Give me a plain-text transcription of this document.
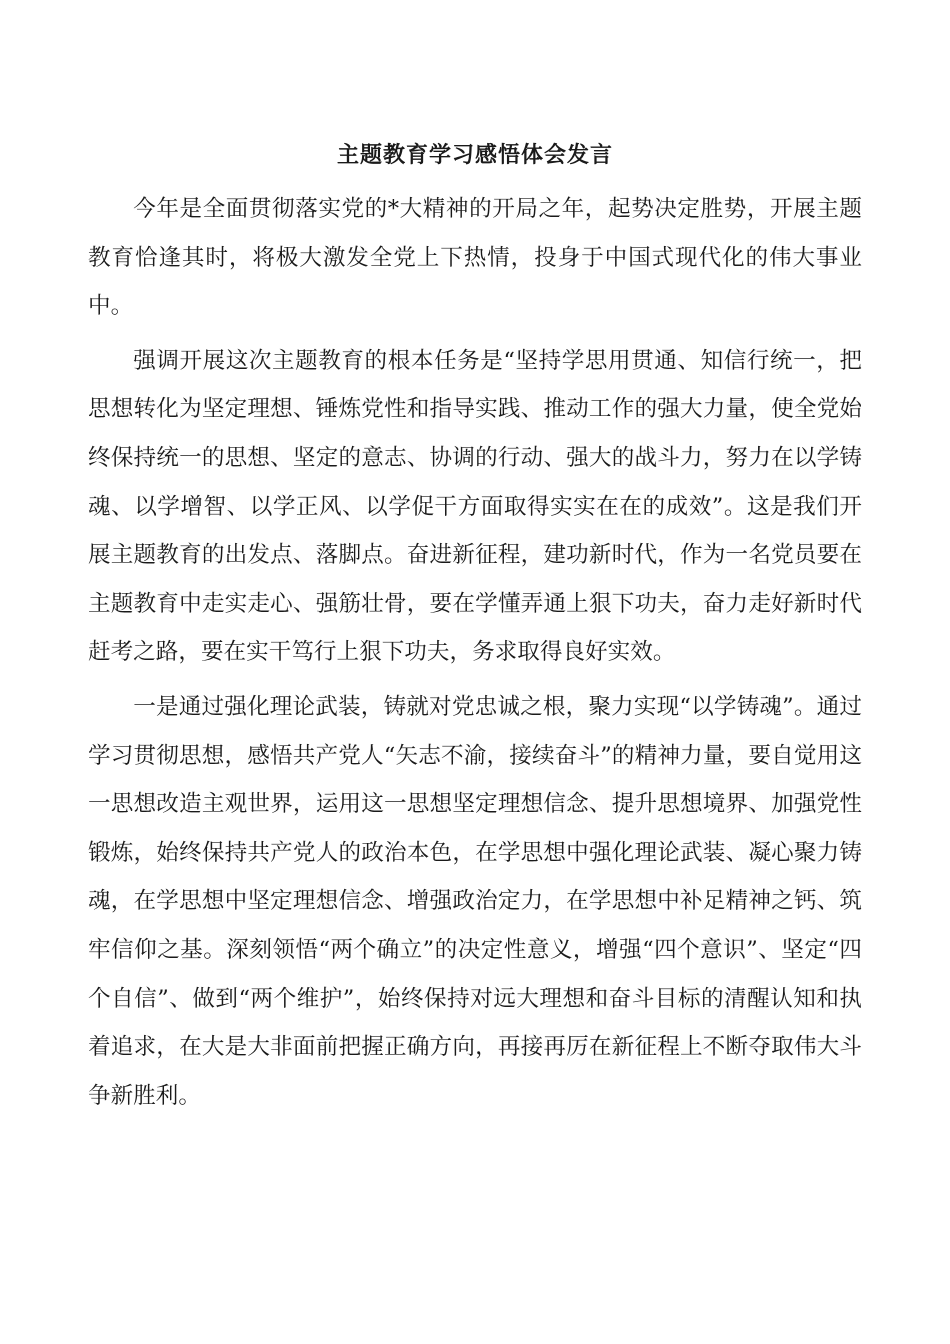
主题教育学习感悟体会发言

今年是全面贯彻落实党的*大精神的开局之年，起势决定胜势，开展主题教育恰逢其时，将极大激发全党上下热情，投身于中国式现代化的伟大事业中。

强调开展这次主题教育的根本任务是“坚持学思用贯通、知信行统一，把思想转化为坚定理想、锤炼党性和指导实践、推动工作的强大力量，使全党始终保持统一的思想、坚定的意志、协调的行动、强大的战斗力，努力在以学铸魂、以学增智、以学正风、以学促干方面取得实实在在的成效”。这是我们开展主题教育的出发点、落脚点。奋进新征程，建功新时代，作为一名党员要在主题教育中走实走心、强筋壮骨，要在学懂弄通上狠下功夫，奋力走好新时代赶考之路，要在实干笃行上狠下功夫，务求取得良好实效。

一是通过强化理论武装，铸就对党忠诚之根，聚力实现“以学铸魂”。通过学习贯彻思想，感悟共产党人“矢志不渝，接续奋斗”的精神力量，要自觉用这一思想改造主观世界，运用这一思想坚定理想信念、提升思想境界、加强党性锻炼，始终保持共产党人的政治本色，在学思想中强化理论武装、凝心聚力铸魂，在学思想中坚定理想信念、增强政治定力，在学思想中补足精神之钙、筑牢信仰之基。深刻领悟“两个确立”的决定性意义，增强“四个意识”、坚定“四个自信”、做到“两个维护”，始终保持对远大理想和奋斗目标的清醒认知和执着追求，在大是大非面前把握正确方向，再接再厉在新征程上不断夺取伟大斗争新胜利。
